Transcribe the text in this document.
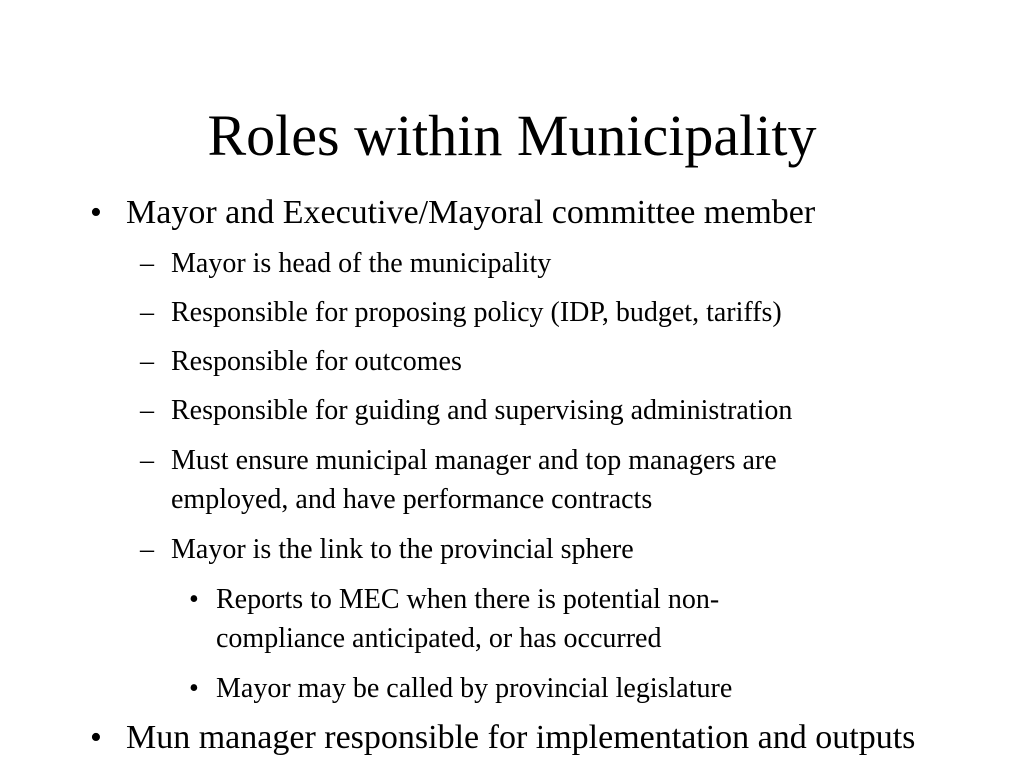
Roles within Municipality
• Mayor and Executive/Mayoral committee member
– Mayor is head of the municipality
– Responsible for proposing policy (IDP, budget, tariffs)
– Responsible for outcomes
– Responsible for guiding and supervising administration
– Must ensure municipal manager and top managers are
employed, and have performance contracts
– Mayor is the link to the provincial sphere
• Reports to MEC when there is potential non-
compliance anticipated, or has occurred
• Mayor may be called by provincial legislature
• Mun manager responsible for implementation and outputs
